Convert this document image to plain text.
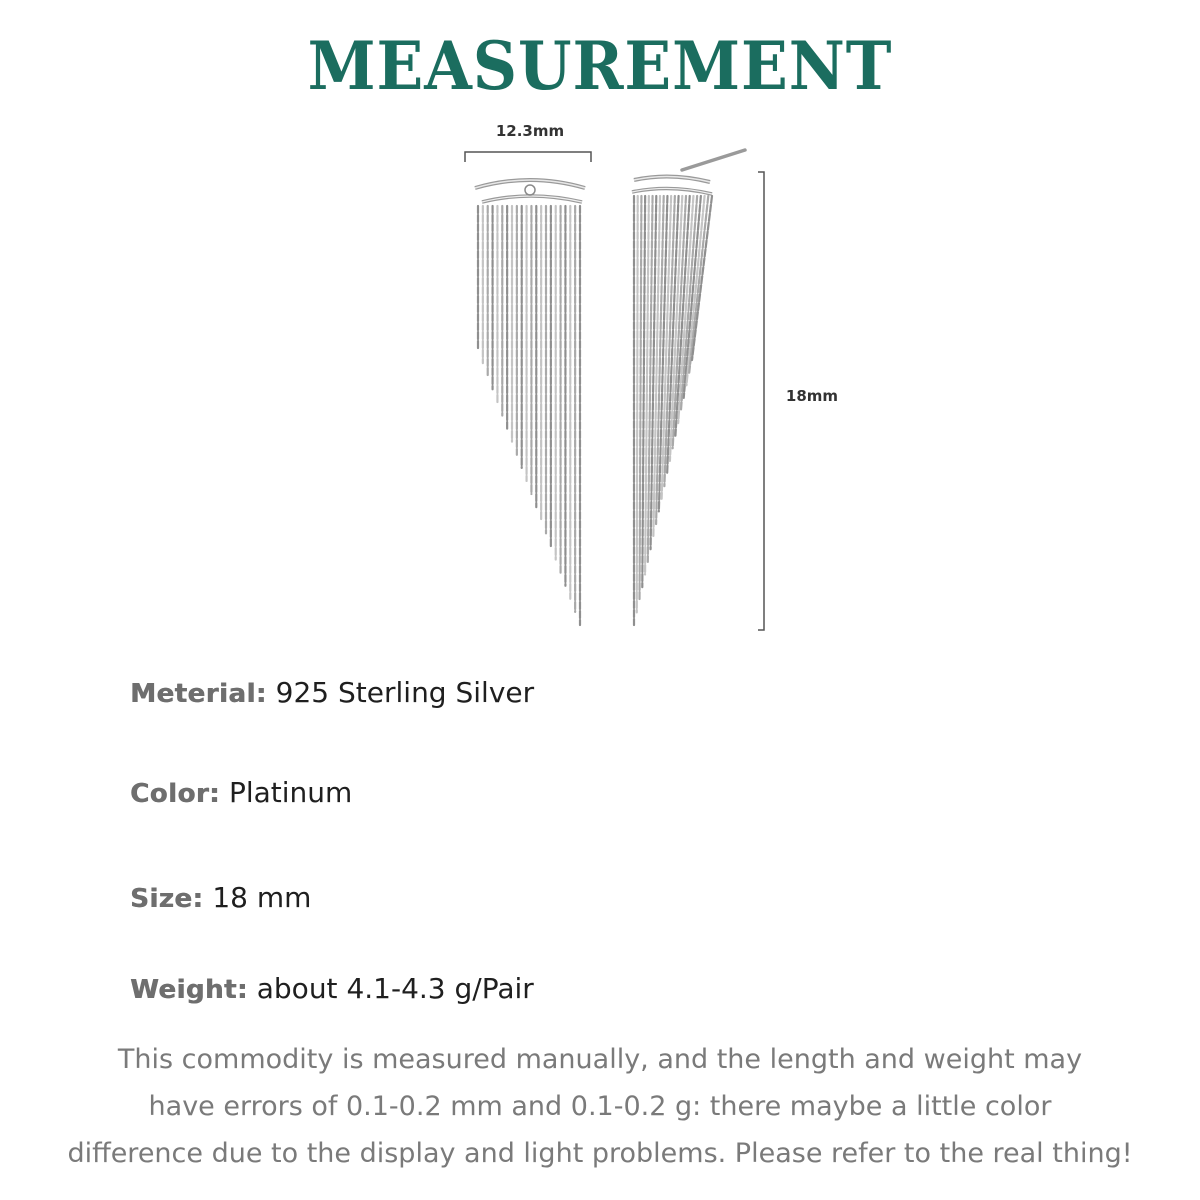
MEASUREMENT
12.3mm
18mm
Meterial: 925 Sterling Silver
Color: Platinum
Size: 18 mm
Weight: about 4.1-4.3 g/Pair
This commodity is measured manually, and the length and weight may
have errors of 0.1-0.2 mm and 0.1-0.2 g: there maybe a little color
difference due to the display and light problems. Please refer to the real thing!
